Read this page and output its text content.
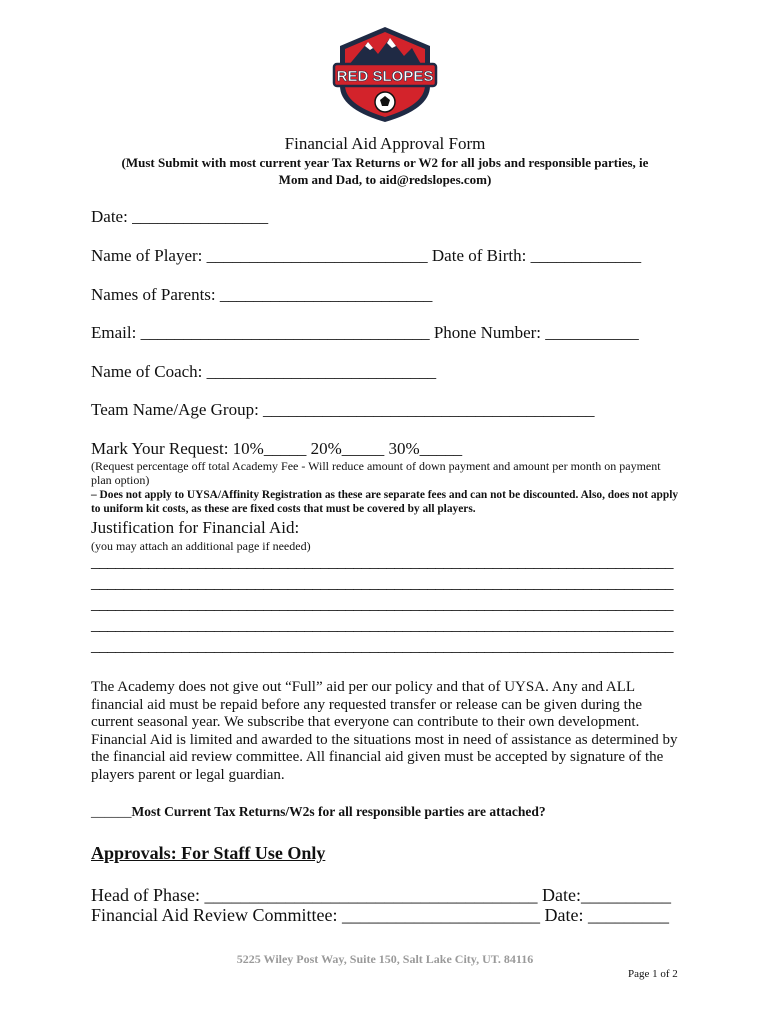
RED SLOPES
Financial Aid Approval Form
(Must Submit with most current year Tax Returns or W2 for all jobs and responsible parties, ie
Mom and Dad, to aid@redslopes.com)
Date: ________________
Name of Player: __________________________ Date of Birth: _____________
Names of Parents: _________________________
Email: __________________________________ Phone Number: ___________
Name of Coach: ___________________________
Team Name/Age Group: _______________________________________
Mark Your Request: 10%_____ 20%_____ 30%_____
(Request percentage off total Academy Fee - Will reduce amount of down payment and amount per month on payment plan option)
– Does not apply to UYSA/Affinity Registration as these are separate fees and can not be discounted. Also, does not apply to uniform kit costs, as these are fixed costs that must be covered by all players.
Justification for Financial Aid:
(you may attach an additional page if needed)
_______________________________________________________________________
_______________________________________________________________________
_______________________________________________________________________
_______________________________________________________________________
_______________________________________________________________________
The Academy does not give out “Full” aid per our policy and that of UYSA. Any and ALL financial aid must be repaid before any requested transfer or release can be given during the current seasonal year. We subscribe that everyone can contribute to their own development. Financial Aid is limited and awarded to the situations most in need of assistance as determined by the financial aid review committee. All financial aid given must be accepted by signature of the players parent or legal guardian.
______Most Current Tax Returns/W2s for all responsible parties are attached?
Approvals: For Staff Use Only
Head of Phase: _____________________________________ Date:__________
Financial Aid Review Committee: ______________________ Date: _________
5225 Wiley Post Way, Suite 150, Salt Lake City, UT. 84116
Page 1 of 2
